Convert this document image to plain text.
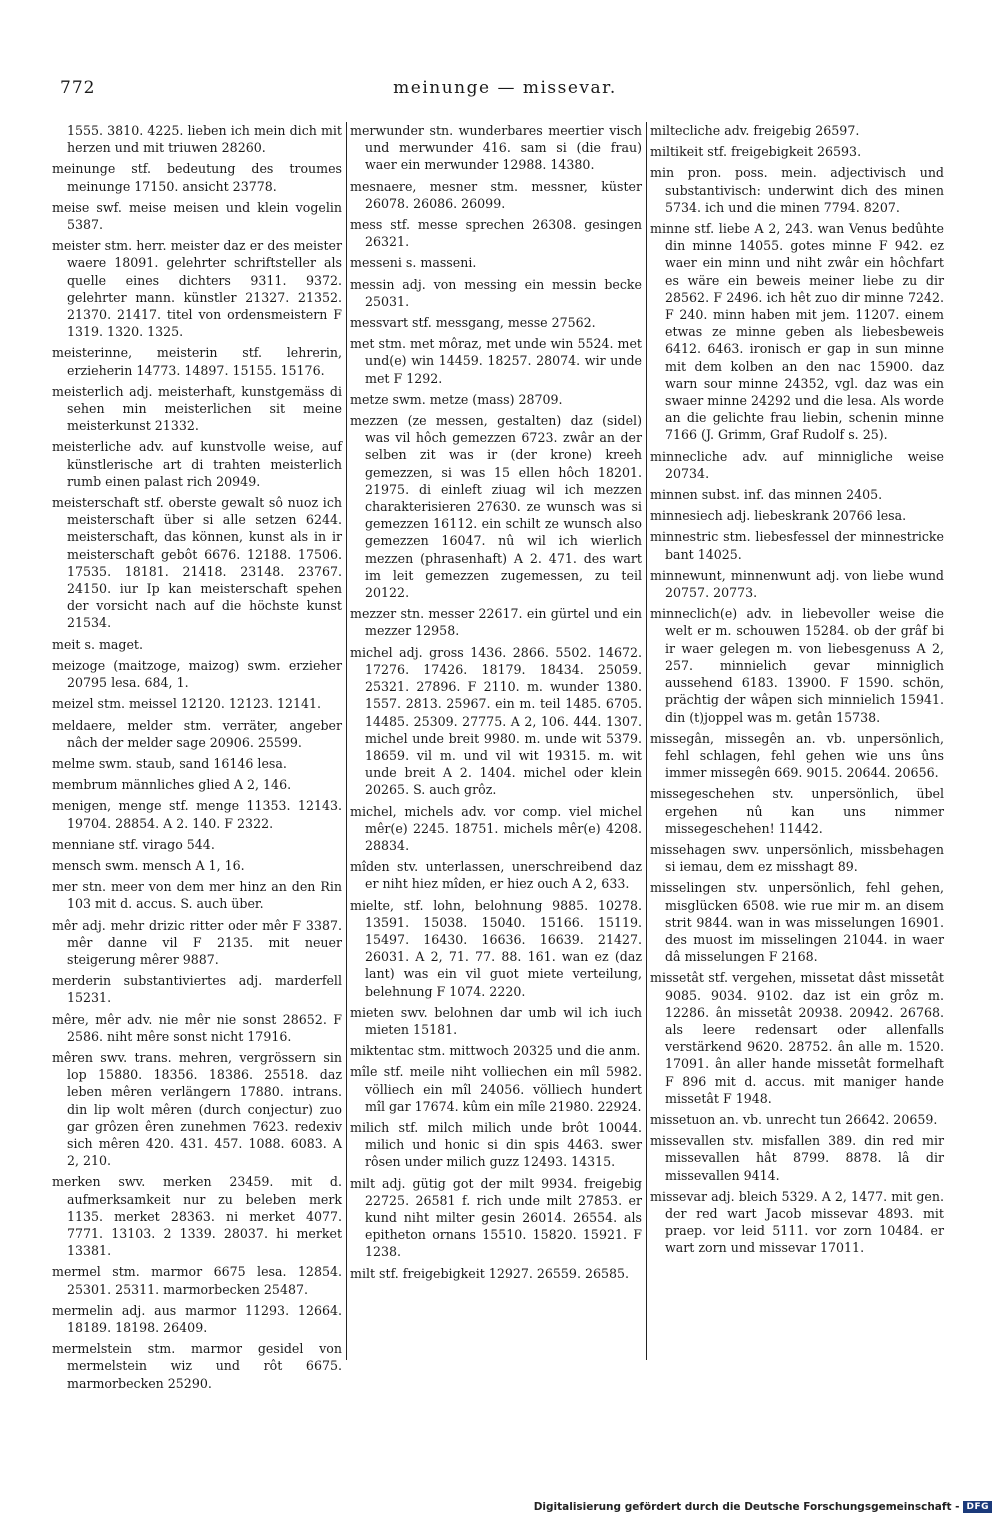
772	meinunge — missevar.

1555. 3810. 4225. lieben ich mein dich mit herzen und mit triuwen 28260.

meinunge stf. bedeutung des troumes meinunge 17150. ansicht 23778.

meise swf. meise meisen und klein vogelin 5387.

meister stm. herr. meister daz er des meister waere 18091. gelehrter schriftsteller als quelle eines dichters 9311. 9372. gelehrter mann. künstler 21327. 21352. 21370. 21417. titel von ordensmeistern F 1319. 1320. 1325.

meisterinne, meisterin stf. lehrerin, erzieherin 14773. 14897. 15155. 15176.

meisterlich adj. meisterhaft, kunstgemäss di sehen min meisterlichen sit meine meisterkunst 21332.

meisterliche adv. auf kunstvolle weise, auf künstlerische art di trahten meisterlich rumb einen palast rich 20949.

meisterschaft stf. oberste gewalt sô nuoz ich meisterschaft über si alle setzen 6244. meisterschaft, das können, kunst als in ir meisterschaft gebôt 6676. 12188. 17506. 17535. 18181. 21418. 23148. 23767. 24150. iur Ip kan meisterschaft spehen der vorsicht nach auf die höchste kunst 21534.

meit s. maget.

meizoge (maitzoge, maizog) swm. erzieher 20795 lesa. 684, 1.

meizel stm. meissel 12120. 12123. 12141.

meldaere, melder stm. verräter, angeber nâch der melder sage 20906. 25599.

melme swm. staub, sand 16146 lesa.

membrum männliches glied A 2, 146.

menigen, menge stf. menge 11353. 12143. 19704. 28854. A 2. 140. F 2322.

menniane stf. virago 544.

mensch swm. mensch A 1, 16.

mer stn. meer von dem mer hinz an den Rin 103 mit d. accus. S. auch über.

mêr adj. mehr drizic ritter oder mêr F 3387. mêr danne vil F 2135. mit neuer steigerung mêrer 9887.

merderin substantiviertes adj. marderfell 15231.

mêre, mêr adv. nie mêr nie sonst 28652. F 2586. niht mêre sonst nicht 17916.

mêren swv. trans. mehren, vergrössern sin lop 15880. 18356. 18386. 25518. daz leben mêren verlängern 17880. intrans. din lip wolt mêren (durch conjectur) zuo gar grôzen êren zunehmen 7623. redexiv sich mêren 420. 431. 457. 1088. 6083. A 2, 210.

merken swv. merken 23459. mit d. aufmerksamkeit nur zu beleben merk 1135. merket 28363. ni merket 4077. 7771. 13103. 2 1339. 28037. hi merket 13381.

mermel stm. marmor 6675 lesa. 12854. 25301. 25311. marmorbecken 25487.

mermelin adj. aus marmor 11293. 12664. 18189. 18198. 26409.

mermelstein stm. marmor gesidel von mermelstein wiz und rôt 6675. marmorbecken 25290.

merwunder stn. wunderbares meertier visch und merwunder 416. sam si (die frau) waer ein merwunder 12988. 14380.

mesnaere, mesner stm. messner, küster 26078. 26086. 26099.

mess stf. messe sprechen 26308. gesingen 26321.

messeni s. masseni.

messin adj. von messing ein messin becke 25031.

messvart stf. messgang, messe 27562.

met stm. met môraz, met unde win 5524. met und(e) win 14459. 18257. 28074. wir unde met F 1292.

metze swm. metze (mass) 28709.

mezzen (ze messen, gestalten) daz (sidel) was vil hôch gemezzen 6723. zwâr an der selben zit was ir (der krone) kreeh gemezzen, si was 15 ellen hôch 18201. 21975. di einleft ziuag wil ich mezzen charakterisieren 27630. ze wunsch was si gemezzen 16112. ein schilt ze wunsch also gemezzen 16047. nû wil ich wierlich mezzen (phrasenhaft) A 2. 471. des wart im leit gemezzen zugemessen, zu teil 20122.

mezzer stn. messer 22617. ein gürtel und ein mezzer 12958.

michel adj. gross 1436. 2866. 5502. 14672. 17276. 17426. 18179. 18434. 25059. 25321. 27896. F 2110. m. wunder 1380. 1557. 2813. 25967. ein m. teil 1485. 6705. 14485. 25309. 27775. A 2, 106. 444. 1307. michel unde breit 9980. m. unde wit 5379. 18659. vil m. und vil wit 19315. m. wit unde breit A 2. 1404. michel oder klein 20265. S. auch grôz.

michel, michels adv. vor comp. viel michel mêr(e) 2245. 18751. michels mêr(e) 4208. 28834.

mîden stv. unterlassen, unerschreibend daz er niht hiez mîden, er hiez ouch A 2, 633.

mielte, stf. lohn, belohnung 9885. 10278. 13591. 15038. 15040. 15166. 15119. 15497. 16430. 16636. 16639. 21427. 26031. A 2, 71. 77. 88. 161. wan ez (daz lant) was ein vil guot miete verteilung, belehnung F 1074. 2220.

mieten swv. belohnen dar umb wil ich iuch mieten 15181.

miktentac stm. mittwoch 20325 und die anm.

mîle stf. meile niht volliechen ein mîl 5982. völliech ein mîl 24056. völliech hundert mîl gar 17674. kûm ein mîle 21980. 22924.

milich stf. milch milich unde brôt 10044. milich und honic si din spis 4463. swer rôsen under milich guzz 12493. 14315.

milt adj. gütig got der milt 9934. freigebig 22725. 26581 f. rich unde milt 27853. er kund niht milter gesin 26014. 26554. als epitheton ornans 15510. 15820. 15921. F 1238.

milt stf. freigebigkeit 12927. 26559. 26585.

miltecliche adv. freigebig 26597.

miltikeit stf. freigebigkeit 26593.

min pron. poss. mein. adjectivisch und substantivisch: underwint dich des minen 5734. ich und die minen 7794. 8207.

minne stf. liebe A 2, 243. wan Venus bedûhte din minne 14055. gotes minne F 942. ez waer ein minn und niht zwâr ein hôchfart es wäre ein beweis meiner liebe zu dir 28562. F 2496. ich hêt zuo dir minne 7242. F 240. minn haben mit jem. 11207. einem etwas ze minne geben als liebesbeweis 6412. 6463. ironisch er gap in sun minne mit dem kolben an den nac 15900. daz warn sour minne 24352, vgl. daz was ein swaer minne 24292 und die lesa. Als worde an die gelichte frau liebin, schenin minne 7166 (J. Grimm, Graf Rudolf s. 25).

minnecliche adv. auf minnigliche weise 20734.

minnen subst. inf. das minnen 2405.

minnesiech adj. liebeskrank 20766 lesa.

minnestric stm. liebesfessel der minnestricke bant 14025.

minnewunt, minnenwunt adj. von liebe wund 20757. 20773.

minneclich(e) adv. in liebevoller weise die welt er m. schouwen 15284. ob der grâf bi ir waer gelegen m. von liebesgenuss A 2, 257. minnielich gevar minniglich aussehend 6183. 13900. F 1590. schön, prächtig der wâpen sich minnielich 15941. din (t)joppel was m. getân 15738.

missegân, missegên an. vb. unpersönlich, fehl schlagen, fehl gehen wie uns ûns immer missegên 669. 9015. 20644. 20656.

missegeschehen stv. unpersönlich, übel ergehen nû kan uns nimmer missegeschehen! 11442.

missehagen swv. unpersönlich, missbehagen si iemau, dem ez misshagt 89.

misselingen stv. unpersönlich, fehl gehen, misglücken 6508. wie rue mir m. an disem strit 9844. wan in was misselungen 16901. des muost im misselingen 21044. in waer dâ misselungen F 2168.

missetât stf. vergehen, missetat dâst missetât 9085. 9034. 9102. daz ist ein grôz m. 12286. ân missetât 20938. 20942. 26768. als leere redensart oder allenfalls verstärkend 9620. 28752. ân alle m. 1520. 17091. ân aller hande missetât formelhaft F 896 mit d. accus. mit maniger hande missetât F 1948.

missetuon an. vb. unrecht tun 26642. 20659.

missevallen stv. misfallen 389. din red mir missevallen hât 8799. 8878. lâ dir missevallen 9414.

missevar adj. bleich 5329. A 2, 1477. mit gen. der red wart Jacob missevar 4893. mit praep. vor leid 5111. vor zorn 10484. er wart zorn und missevar 17011.

Digitalisierung gefördert durch die Deutsche Forschungsgemeinschaft - DFG
